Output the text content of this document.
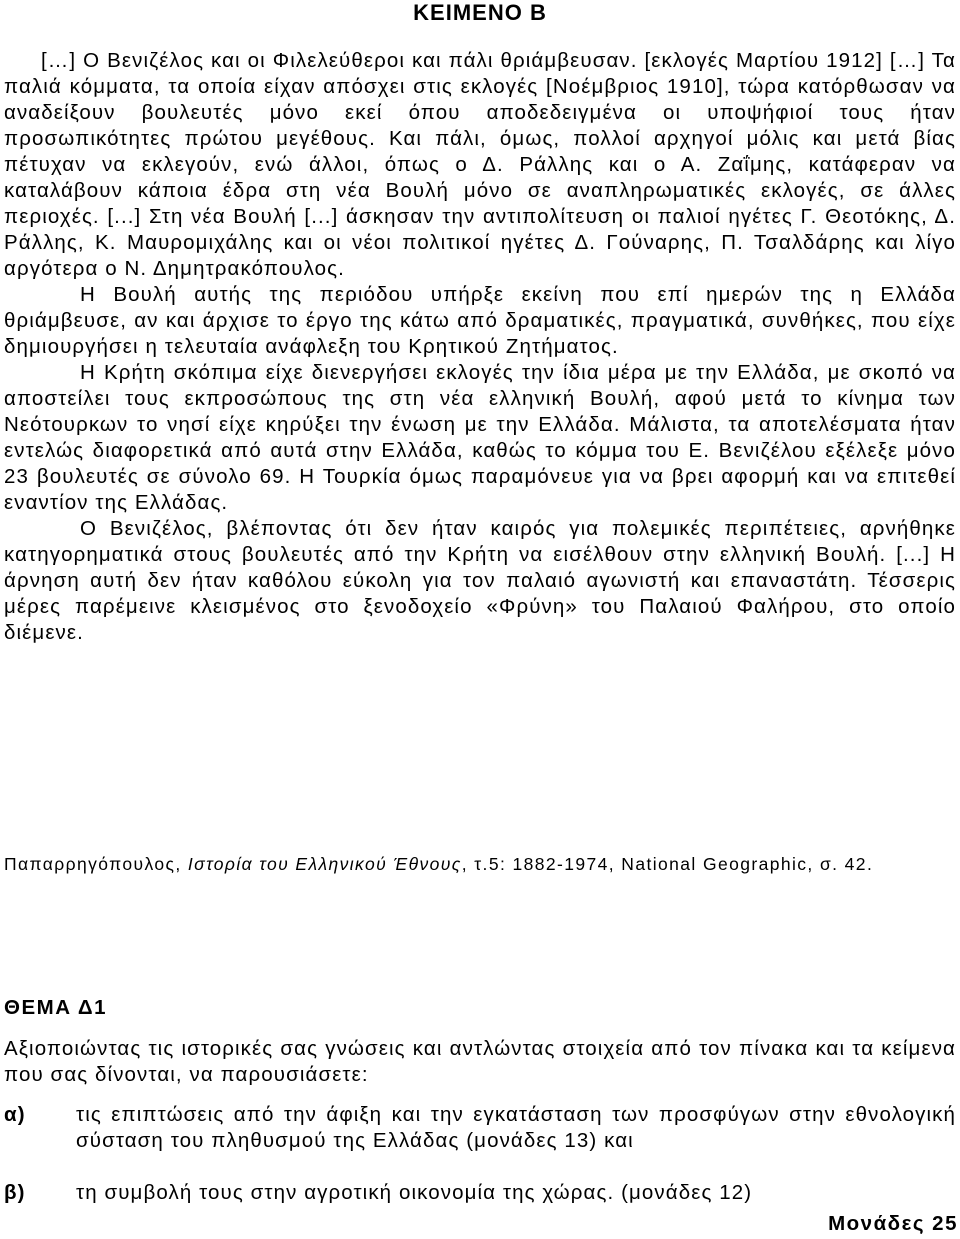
ΚΕΙΜΕΝΟ Β

[…] Ο Βενιζέλος και οι Φιλελεύθεροι και πάλι θριάμβευσαν. [εκλογές Μαρτίου 1912] […] Τα παλιά κόμματα, τα οποία είχαν απόσχει στις εκλογές [Νοέμβριος 1910], τώρα κατόρθωσαν να αναδείξουν βουλευτές μόνο εκεί όπου αποδεδειγμένα οι υποψήφιοί τους ήταν προσωπικότητες πρώτου μεγέθους. Και πάλι, όμως, πολλοί αρχηγοί μόλις και μετά βίας πέτυχαν να εκλεγούν, ενώ άλλοι, όπως ο Δ. Ράλλης και ο Α. Ζαΐμης, κατάφεραν να καταλάβουν κάποια έδρα στη νέα Βουλή μόνο σε αναπληρωματικές εκλογές, σε άλλες περιοχές. [...] Στη νέα Βουλή [...] άσκησαν την αντιπολίτευση οι παλιοί ηγέτες Γ. Θεοτόκης, Δ. Ράλλης, Κ. Μαυρομιχάλης και οι νέοι πολιτικοί ηγέτες Δ. Γούναρης, Π. Τσαλδάρης και λίγο αργότερα ο Ν. Δημητρακόπουλος.

Η Βουλή αυτής της περιόδου υπήρξε εκείνη που επί ημερών της η Ελλάδα θριάμβευσε, αν και άρχισε το έργο της κάτω από δραματικές, πραγματικά, συνθήκες, που είχε δημιουργήσει η τελευταία ανάφλεξη του Κρητικού Ζητήματος.

Η Κρήτη σκόπιμα είχε διενεργήσει εκλογές την ίδια μέρα με την Ελλάδα, με σκοπό να αποστείλει τους εκπροσώπους της στη νέα ελληνική Βουλή, αφού μετά το κίνημα των Νεότουρκων το νησί είχε κηρύξει την ένωση με την Ελλάδα. Μάλιστα, τα αποτελέσματα ήταν εντελώς διαφορετικά από αυτά στην Ελλάδα, καθώς το κόμμα του Ε. Βενιζέλου εξέλεξε μόνο 23 βουλευτές σε σύνολο 69. Η Τουρκία όμως παραμόνευε για να βρει αφορμή και να επιτεθεί εναντίον της Ελλάδας.

Ο Βενιζέλος, βλέποντας ότι δεν ήταν καιρός για πολεμικές περιπέτειες, αρνήθηκε κατηγορηματικά στους βουλευτές από την Κρήτη να εισέλθουν στην ελληνική Βουλή. [...] Η άρνηση αυτή δεν ήταν καθόλου εύκολη για τον παλαιό αγωνιστή και επαναστάτη. Τέσσερις μέρες παρέμεινε κλεισμένος στο ξενοδοχείο «Φρύνη» του Παλαιού Φαλήρου, στο οποίο διέμενε.

Παπαρρηγόπουλος, Ιστορία του Ελληνικού Έθνους, τ.5: 1882-1974, National Geographic, σ. 42.
ΘΕΜΑ Δ1
Αξιοποιώντας τις ιστορικές σας γνώσεις και αντλώντας στοιχεία από τον πίνακα και τα κείμενα που σας δίνονται, να παρουσιάσετε:
α) τις επιπτώσεις από την άφιξη και την εγκατάσταση των προσφύγων στην εθνολογική σύσταση του πληθυσμού της Ελλάδας (μονάδες 13) και
β) τη συμβολή τους στην αγροτική οικονομία της χώρας. (μονάδες 12)
Μονάδες 25
